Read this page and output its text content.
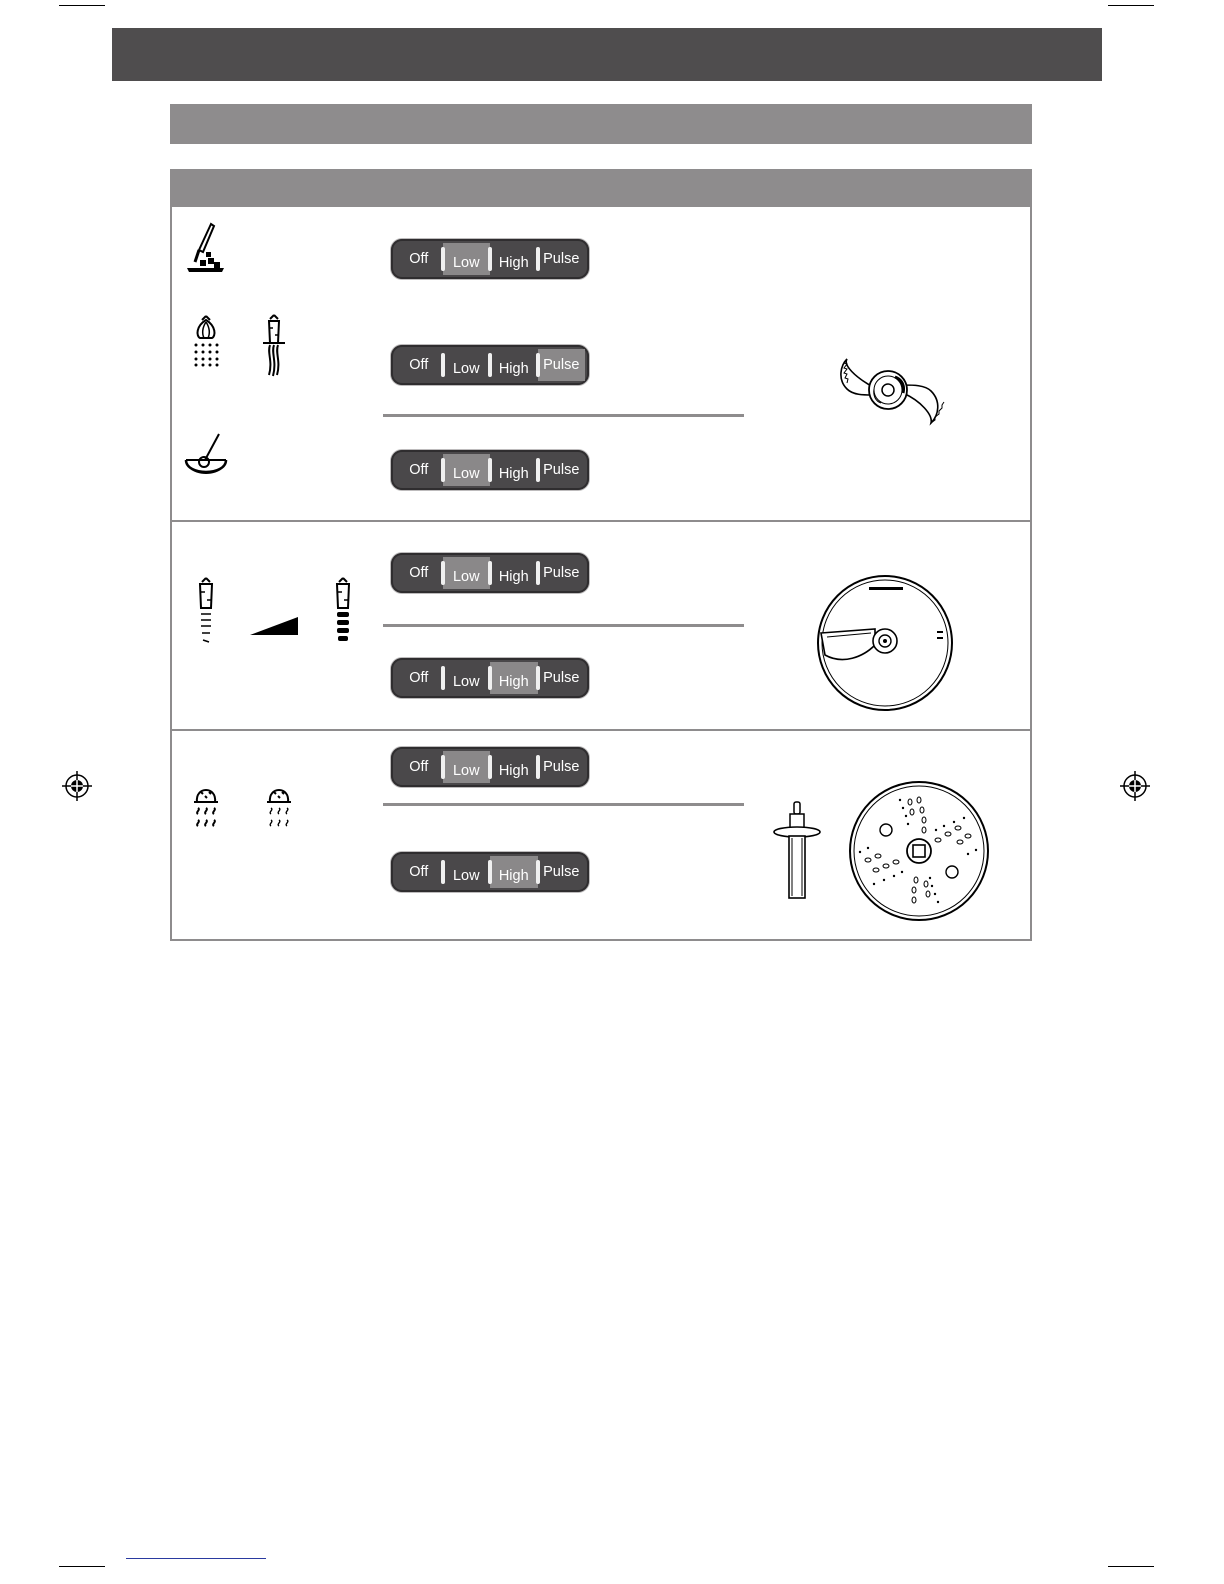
Off Low High Pulse
Off Low High Pulse
Off Low High Pulse
Off Low High Pulse
Off Low High Pulse
Off Low High Pulse
Off Low High Pulse
